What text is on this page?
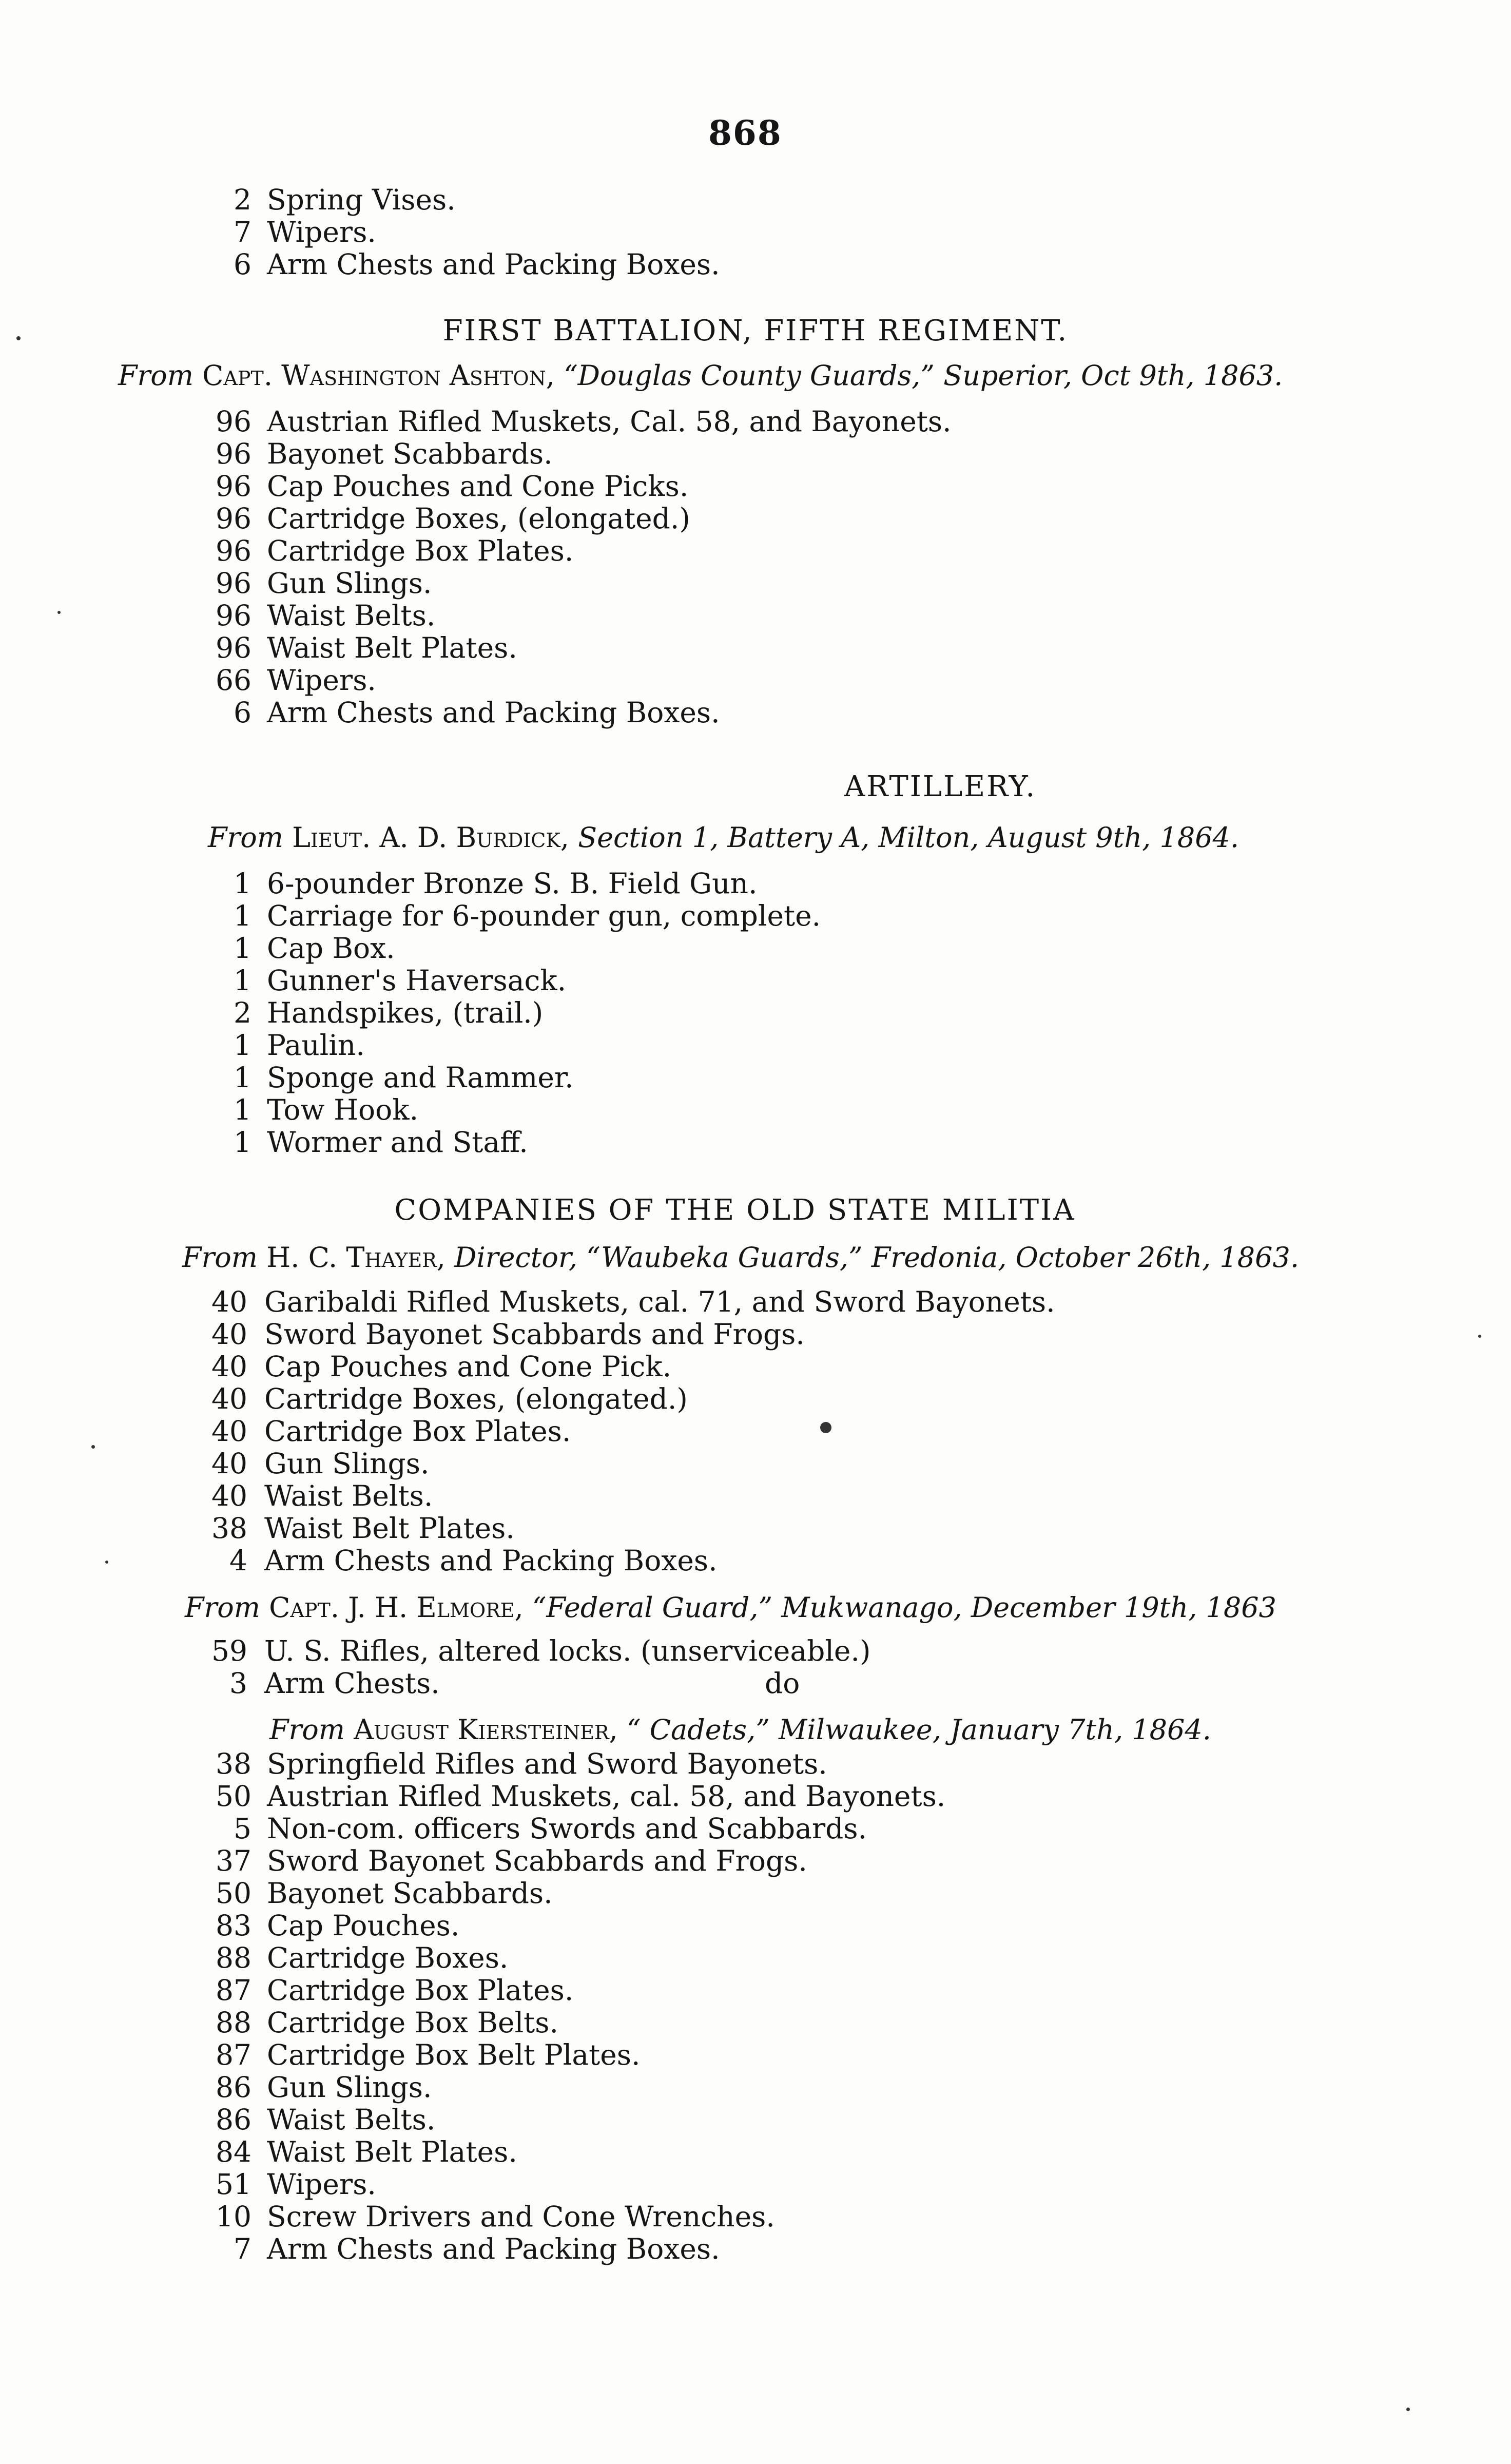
868
2 Spring Vises.
7 Wipers.
6 Arm Chests and Packing Boxes.
FIRST BATTALION, FIFTH REGIMENT.
From Capt. Washington Ashton, “Douglas County Guards,” Superior, Oct 9th, 1863.
96 Austrian Rifled Muskets, Cal. 58, and Bayonets.
96 Bayonet Scabbards.
96 Cap Pouches and Cone Picks.
96 Cartridge Boxes, (elongated.)
96 Cartridge Box Plates.
96 Gun Slings.
96 Waist Belts.
96 Waist Belt Plates.
66 Wipers.
6 Arm Chests and Packing Boxes.
ARTILLERY.
From Lieut. A. D. Burdick, Section 1, Battery A, Milton, August 9th, 1864.
1 6-pounder Bronze S. B. Field Gun.
1 Carriage for 6-pounder gun, complete.
1 Cap Box.
1 Gunner's Haversack.
2 Handspikes, (trail.)
1 Paulin.
1 Sponge and Rammer.
1 Tow Hook.
1 Wormer and Staff.
COMPANIES OF THE OLD STATE MILITIA
From H. C. Thayer, Director, “Waubeka Guards,” Fredonia, October 26th, 1863.
40 Garibaldi Rifled Muskets, cal. 71, and Sword Bayonets.
40 Sword Bayonet Scabbards and Frogs.
40 Cap Pouches and Cone Pick.
40 Cartridge Boxes, (elongated.)
40 Cartridge Box Plates.
40 Gun Slings.
40 Waist Belts.
38 Waist Belt Plates.
4 Arm Chests and Packing Boxes.
From Capt. J. H. Elmore, “Federal Guard,” Mukwanago, December 19th, 1863
59 U. S. Rifles, altered locks. (unserviceable.)
3 Arm Chests.	do
From August Kiersteiner, “ Cadets,” Milwaukee, January 7th, 1864.
38 Springfield Rifles and Sword Bayonets.
50 Austrian Rifled Muskets, cal. 58, and Bayonets.
5 Non-com. officers Swords and Scabbards.
37 Sword Bayonet Scabbards and Frogs.
50 Bayonet Scabbards.
83 Cap Pouches.
88 Cartridge Boxes.
87 Cartridge Box Plates.
88 Cartridge Box Belts.
87 Cartridge Box Belt Plates.
86 Gun Slings.
86 Waist Belts.
84 Waist Belt Plates.
51 Wipers.
10 Screw Drivers and Cone Wrenches.
7 Arm Chests and Packing Boxes.
